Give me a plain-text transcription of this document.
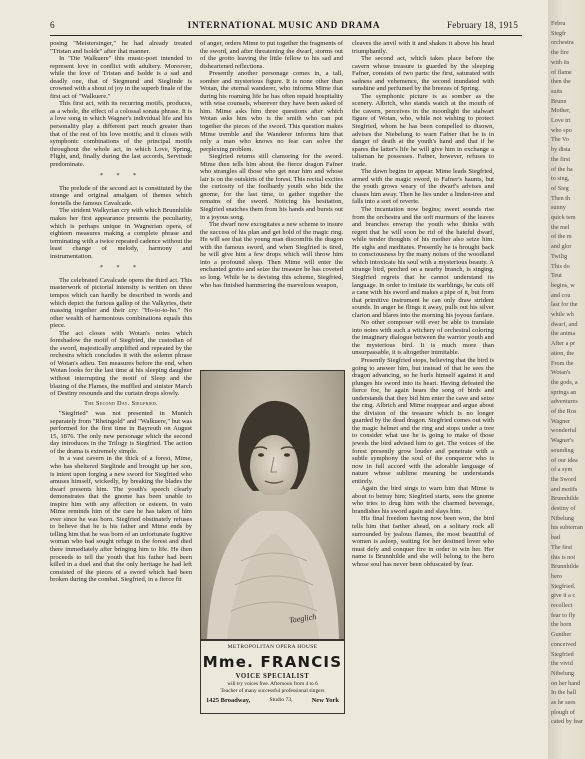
6	INTERNATIONAL MUSIC AND DRAMA	February 18, 1915

posing "Meistersinger," he had already treated "Tristan and Isolde" after that manner.

In "Die Walkuere" this music-poet intended to represent love in conflict with adultery. Moreover, while the love of Tristan and Isolde is a sad and deadly one, that of Siegmund and Sieglinde is crowned with a shout of joy in the superb finale of the first act of "Walkuere."

This first act, with its recurring motifs, produces, as a whole, the effect of a colossal sonata phrase. It is a love song in which Wagner's individual life and his personality play a different part much greater than that of the rest of his love motifs; and it closes with symphonic combinations of the principal motifs throughout the whole act, in which Love, Spring, Flight, and, finally during the last accords, Servitude predominate.

* * *

The prelude of the second act is constituted by the strange and original amalgam of themes which foretells the famous Cavalcade.

The strident Walkyrian cry with which Brunnhilde makes her first appearance presents the peculiarity, which is perhaps unique in Wagnerian opera, of eighteen measures making a complete phrase and terminating with a twice repeated cadence without the least change of melody, harmony and instrumentation.

* * *

The celebrated Cavalcade opens the third act. This masterwork of pictorial intensity is written on three tempos which can hardly be described in words and which depict the furious gallop of the Valkyries, their massing together and their cry: "Ho-io-to-ho." No other wealth of harmonious combinations equals this piece.

The act closes with Wotan's notes which foreshadow the motif of Siegfried, the custodian of the sword, majestically amplified and repeated by the orchestra which concludes it with the solemn phrase of Wotan's adieu. Ten measures before the end, when Wotan looks for the last time at his sleeping daughter without interrupting the motif of Sleep and the blazing of the Flames, the muffled and sinister March of Destiny resounds and the curtain drops slowly.

The Second Day. Siegfried.

"Siegfried" was not presented in Munich separately from "Rheingold" and "Walkuere," but was performed for the first time in Bayreuth on August 15, 1876. The only new personage which the second day introduces in the Trilogy is Siegfried. The action of the drama is extremely simple.

In a vast cavern in the thick of a forest, Mime, who has sheltered Sieglinde and brought up her son, is intent upon forging a new sword for Siegfried who amuses himself, wickedly, by breaking the blades the dwarf presents him. The youth's speech clearly demonstrates that the gnome has been unable to inspire him with any affection or esteem. In vain Mime reminds him of the care he has taken of him ever since he was born. Siegfried obstinately refuses to believe that he is his father and Mime ends by telling him that he was born of an unfortunate fugitive woman who had sought refuge in the forest and died there immediately after bringing him to life. He then proceeds to tell the youth that his father had been killed in a duel and that the only heritage he had left consisted of the pieces of a sword which had been broken during the combat. Siegfried, in a fierce fit

of anger, orders Mime to put together the fragments of the sword, and after threatening the dwarf, storms out of the grotto leaving the little fellow to his sad and disheartened reflections.

Presently another personage comes in, a tall, somber and mysterious figure. It is none other than Wotan, the eternal wanderer, who informs Mime that during his roaming life he has often repaid hospitality with wise counsels, wherever they have been asked of him. Mime asks him three questions after which Wotan asks him who is the smith who can put together the pieces of the sword. This question makes Mime tremble and the Wanderer informs him that only a man who knows no fear can solve the perplexing problem.

Siegfried returns still clamoring for the sword. Mime then tells him about the fierce dragon Fafner who strangles all those who get near him and whose lair is on the outskirts of the forest. This recital excites the curiosity of the foolhardy youth who bids the gnome, for the last time, to gather together the remains of the sword. Noticing his hesitation, Siegfried snatches them from his hands and bursts out in a joyous song.

The dwarf now excogitates a new scheme to insure the success of his plan and get hold of the magic ring. He will see that the young man discomfits the dragon with the famous sword, and when Siegfried is tired, he will give him a few drops which will throw him into a profound sleep. Then Mime will enter the enchanted grotto and seize the treasure he has coveted so long. While he is devising this scheme, Siegfried, who has finished hammering the marvelous weapon,

Taeglich
METROPOLITAN OPERA HOUSE
Mme. FRANCIS
VOICE SPECIALIST
will try voices free. Afternoon from 4 to 6
Teacher of many successful professional singers
1425 Broadway,	Studio 73,	New York

cleaves the anvil with it and shakes it above his head triumphantly.

The second act, which takes place before the cavern whose treasure is guarded by the sleeping Fafner, consists of two parts: the first, saturated with sadness and vehemence, the second inundated with sunshine and perfumed by the breezes of Spring.

The symphonic picture is as somber as the scenery. Albrich, who stands watch at the mouth of the cavern, perceives in the moonlight the stalwart figure of Wotan, who, while not wishing to protect Siegfried, whom he has been compelled to disown, advises the Niebelung to warn Fafner that he is in danger of death at the youth's hand and that if he spares the latter's life he will give him in exchange a talisman he possesses. Fafner, however, refuses to trade.

The dawn begins to appear. Mime leads Siegfried, armed with the magic sword, to Fafner's haunts, but the youth grows weary of the dwarf's advises and chases him away. Then he lies under a linden-tree and falls into a sort of reverie.

The incantation now begins; sweet sounds rise from the orchestra and the soft murmurs of the leaves and branches enwrap the youth who thinks with regret that he will soon be rid of the hateful dwarf, while tender thoughts of his mother also seize him. He sighs and meditates. Presently he is brought back to consciousness by the many noises of the woodland which intoxicate his soul with a mysterious beauty. A strange bird, perched on a nearby branch, is singing. Siegfried regrets that he cannot understand its language. In order to imitate its warblings, he cuts off a cane with his sword and makes a pipe of it, but from that primitive instrument he can only draw strident sounds. In anger he flings it away, pulls out his silver clarion and blares into the morning his joyous fanfare.

No other composer will ever be able to translate into notes with such a witchery of orchestral coloring the imaginary dialogue between the warrior youth and the mysterious bird. It is much more than unsurpassable, it is altogether inimitable.

Presently Siegfried stops, believing that the bird is going to answer him, but instead of that he sees the dragon advancing, so he hurls himself against it and plunges his sword into its heart. Having defeated the fierce foe, he again hears the song of birds and understands that they bid him enter the cave and seize the ring. Albrich and Mime reappear and argue about the division of the treasure which is no longer guarded by the dead dragon. Siegfried comes out with the magic helmet and the ring and stops under a tree to consider what use he is going to make of those jewels the bird advised him to get. The voices of the forest presently grow louder and penetrate with a subtle symphony the soul of the conqueror who is now in full accord with the adorable language of nature whose sublime meaning he understands entirely.

Again the bird sings to warn him that Mime is about to betray him; Siegfried starts, sees the gnome who tries to drug him with the charmed beverage, brandishes his sword again and slays him.

His final freedom having now been won, the bird tells him that farther ahead, on a solitary rock all surrounded by jealous flames, the most beautiful of women is asleep, waiting for her destined lover who must defy and conquer fire in order to win her. Her name is Brunnhilde and she will belong to the hero whose soul has never been obfuscated by fear.

Febru
Siegfr
orchestra
the fire
with its
of flame
then the
suits
Brunn
Mother,
Love tri
who spo
The Vo
by dista
the first
of the ha
to sing,
of Sieg
Then th
sunny
quick tem
the mel
of the m
and glor
Twilig
This do
Teut
begins, w
and cou
last for the
while wh
dwarf, and
the anima
After a pr
ation, the
From the
Wotan's
the gods, a
springs an
adventures
of the Ros
Wagner
wonderful
Wagner's
sounding
of our idea
of a sym
the Sword
and motifs
Brunnhilde
destiny of
Nibelung
his subterran
bad
The first
this is not
Brunnhilde
hero
Siegfried.
give it a c
recollect
fear to fly
the horn
Gunther
conceived
Siegfried
the vivid
Nibelung
on her hand
In the hall
as he sees
plough of
cated by fear
